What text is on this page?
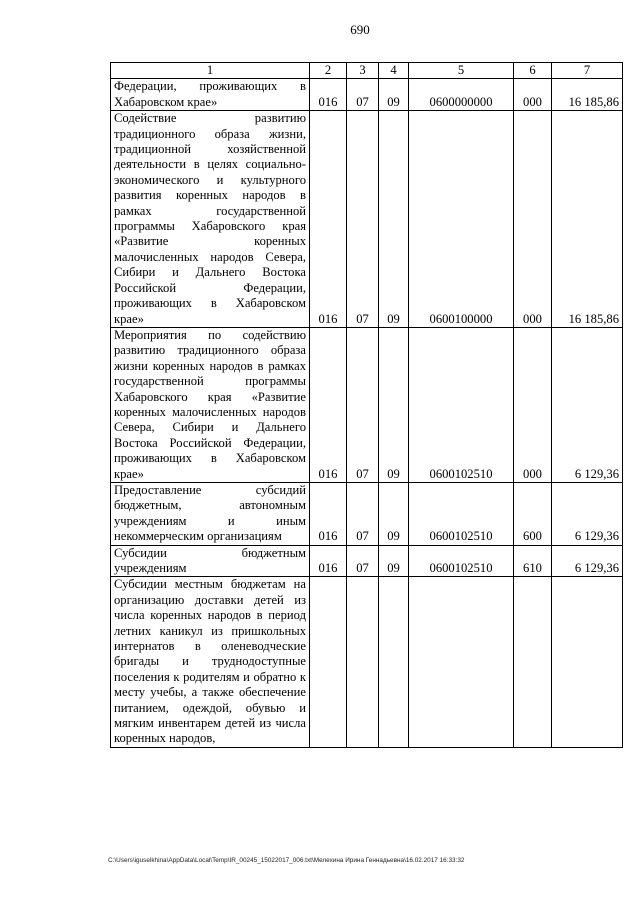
690
1	2	3	4	5	6	7
Федерации, проживающих в Хабаровском крае»	016	07	09	0600000000	000	16 185,86
Содействие развитию традиционного образа жизни, традиционной хозяйственной деятельности в целях социально-экономического и культурного развития коренных народов в рамках государственной программы Хабаровского края «Развитие коренных малочисленных народов Севера, Сибири и Дальнего Востока Российской Федерации, проживающих в Хабаровском крае»	016	07	09	0600100000	000	16 185,86
Мероприятия по содействию развитию традиционного образа жизни коренных народов в рамках государственной программы Хабаровского края «Развитие коренных малочисленных народов Севера, Сибири и Дальнего Востока Российской Федерации, проживающих в Хабаровском крае»	016	07	09	0600102510	000	6 129,36
Предоставление субсидий бюджетным, автономным учреждениям и иным некоммерческим организациям	016	07	09	0600102510	600	6 129,36
Субсидии бюджетным учреждениям	016	07	09	0600102510	610	6 129,36
Субсидии местным бюджетам на организацию доставки детей из числа коренных народов в период летних каникул из пришкольных интернатов в оленеводческие бригады и труднодоступные поселения к родителям и обратно к месту учебы, а также обеспечение питанием, одеждой, обувью и мягким инвентарем детей из числа коренных народов,						
C:\Users\iguselkhina\AppData\Local\Temp\IR_00245_15022017_006.txt\Мелехина Ирина Геннадьевна\16.02.2017 16:33:32
